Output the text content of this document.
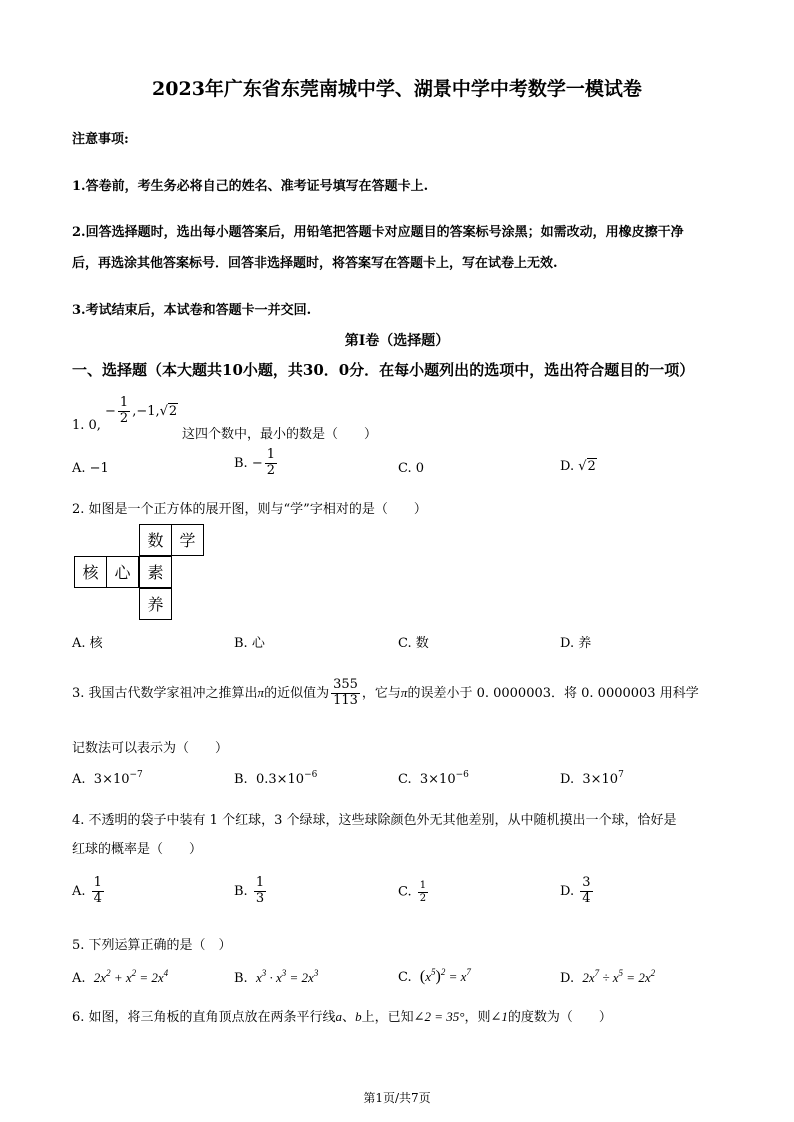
2023年广东省东莞南城中学、湖景中学中考数学一模试卷
注意事项:
1.答卷前，考生务必将自己的姓名、准考证号填写在答题卡上.
2.回答选择题时，选出每小题答案后，用铅笔把答题卡对应题目的答案标号涂黑；如需改动，用橡皮擦干净
后，再选涂其他答案标号．回答非选择题时，将答案写在答题卡上，写在试卷上无效.
3.考试结束后，本试卷和答题卡一并交回.
第Ⅰ卷（选择题）
一、选择题（本大题共10小题，共30．0分．在每小题列出的选项中，选出符合题目的一项）
1. 0,
− $\frac{1}{2} ,-1,√2$
这四个数中，最小的数是（　　）
A. −1	B. − $\frac{1}{2}$	C. 0	D. √2
2. 如图是一个正方体的展开图，则与“学”字相对的是（　　）
数 学
核 心	素
养
A. 核	B. 心	C. 数	D. 养
3. 我国古代数学家祖冲之推算出π的近似值为 $\frac{355}{113}$ ，它与π的误差小于 0. 0000003．将 0. 0000003 用科学
记数法可以表示为（　　）
A. $3\times 10^{-7}$	B. $0.3\times 10^{-6}$	C. $3\times 10^{-6}$	D. $3\times 10^7$
4. 不透明的袋子中装有 1 个红球，3 个绿球，这些球除颜色外无其他差别，从中随机摸出一个球，恰好是
红球的概率是（　　）
A. $\frac{1}{4}$	B. $\frac{1}{3}$	C. $\frac{1}{2}$	D. $\frac{3}{4}$
5. 下列运算正确的是（　）
A. $2x^2 + x^2 = 2x^4$	B. $x^3 \cdot x^3 = 2x^3$	C. $(x^5)^2 = x^7$	D. $2x^7 \div x^5 = 2x^2$
6. 如图，将三角板的直角顶点放在两条平行线a、b上，已知∠2 = 35°，则∠1的度数为（　　）
第1页/共7页
